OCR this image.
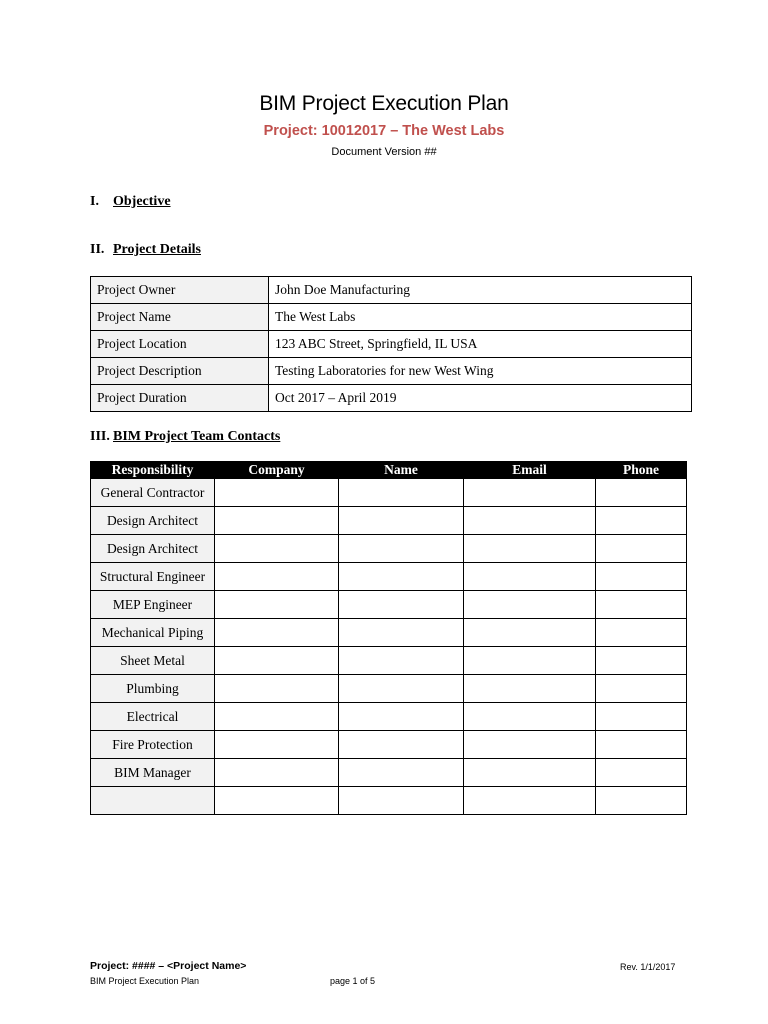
BIM Project Execution Plan
Project: 10012017 – The West Labs
Document Version ##
I.	Objective
II. Project Details
Project Owner	John Doe Manufacturing
Project Name	The West Labs
Project Location	123 ABC Street, Springfield, IL USA
Project Description	Testing Laboratories for new West Wing
Project Duration	Oct 2017 – April 2019
III. BIM Project Team Contacts
Responsibility	Company	Name	Email	Phone
General Contractor				
Design Architect				
Design Architect				
Structural Engineer				
MEP Engineer				
Mechanical Piping				
Sheet Metal				
Plumbing				
Electrical				
Fire Protection				
BIM Manager				

Project: #### – <Project Name>
BIM Project Execution Plan	page 1 of 5
Rev. 1/1/2017
